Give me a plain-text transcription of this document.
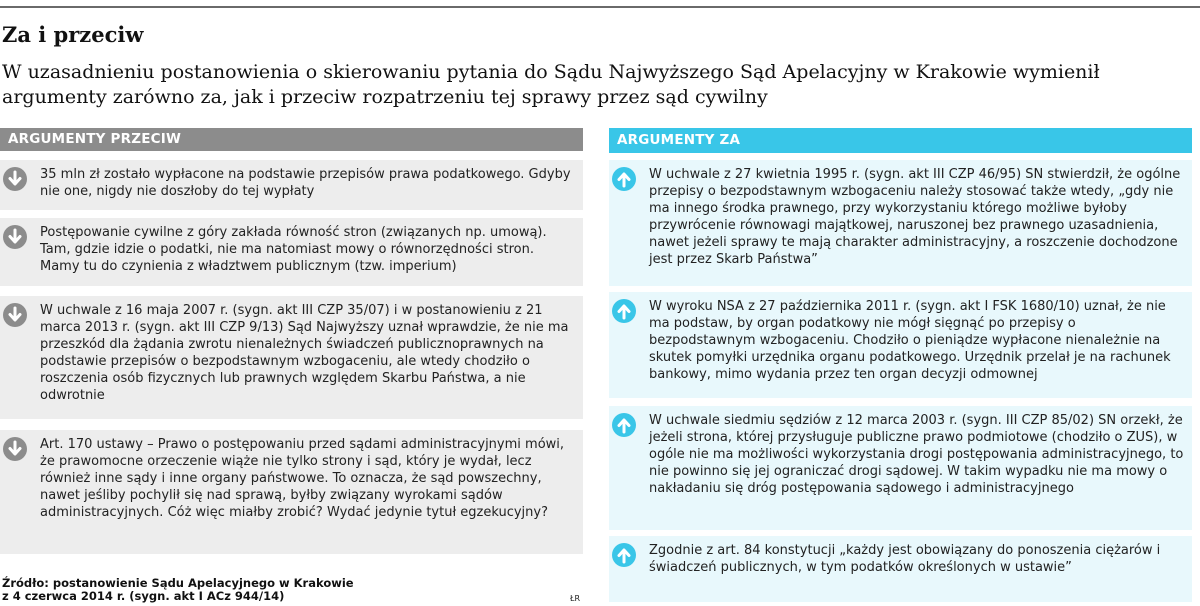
Za i przeciw
W uzasadnieniu postanowienia o skierowaniu pytania do Sądu Najwyższego Sąd Apelacyjny w Krakowie wymienił argumenty zarówno za, jak i przeciw rozpatrzeniu tej sprawy przez sąd cywilny
ARGUMENTY PRZECIW
35 mln zł zostało wypłacone na podstawie przepisów prawa podatkowego. Gdyby nie one, nigdy nie doszłoby do tej wypłaty
Postępowanie cywilne z góry zakłada równość stron (związanych np. umową). Tam, gdzie idzie o podatki, nie ma natomiast mowy o równorzędności stron. Mamy tu do czynienia z władztwem publicznym (tzw. imperium)
W uchwale z 16 maja 2007 r. (sygn. akt III CZP 35/07) i w postanowieniu z 21 marca 2013 r. (sygn. akt III CZP 9/13) Sąd Najwyższy uznał wprawdzie, że nie ma przeszkód dla żądania zwrotu nienależnych świadczeń publicznoprawnych na podstawie przepisów o bezpodstawnym wzbogaceniu, ale wtedy chodziło o roszczenia osób fizycznych lub prawnych względem Skarbu Państwa, a nie odwrotnie
Art. 170 ustawy – Prawo o postępowaniu przed sądami administracyjnymi mówi, że prawomocne orzeczenie wiąże nie tylko strony i sąd, który je wydał, lecz również inne sądy i inne organy państwowe. To oznacza, że sąd powszechny, nawet jeśliby pochylił się nad sprawą, byłby związany wyrokami sądów administracyjnych. Cóż więc miałby zrobić? Wydać jedynie tytuł egzekucyjny?
ARGUMENTY ZA
W uchwale z 27 kwietnia 1995 r. (sygn. akt III CZP 46/95) SN stwierdził, że ogólne przepisy o bezpodstawnym wzbogaceniu należy stosować także wtedy, „gdy nie ma innego środka prawnego, przy wykorzystaniu którego możliwe byłoby przywrócenie równowagi majątkowej, naruszonej bez prawnego uzasadnienia, nawet jeżeli sprawy te mają charakter administracyjny, a roszczenie dochodzone jest przez Skarb Państwa”
W wyroku NSA z 27 października 2011 r. (sygn. akt I FSK 1680/10) uznał, że nie ma podstaw, by organ podatkowy nie mógł sięgnąć po przepisy o bezpodstawnym wzbogaceniu. Chodziło o pieniądze wypłacone nienależnie na skutek pomyłki urzędnika organu podatkowego. Urzędnik przelał je na rachunek bankowy, mimo wydania przez ten organ decyzji odmownej
W uchwale siedmiu sędziów z 12 marca 2003 r. (sygn. III CZP 85/02) SN orzekł, że jeżeli strona, której przysługuje publiczne prawo podmiotowe (chodziło o ZUS), w ogóle nie ma możliwości wykorzystania drogi postępowania administracyjnego, to nie powinno się jej ograniczać drogi sądowej. W takim wypadku nie ma mowy o nakładaniu się dróg postępowania sądowego i administracyjnego
Zgodnie z art. 84 konstytucji „każdy jest obowiązany do ponoszenia ciężarów i świadczeń publicznych, w tym podatków określonych w ustawie”
Źródło: postanowienie Sądu Apelacyjnego w Krakowie
z 4 czerwca 2014 r. (sygn. akt I ACz 944/14)	ŁR
